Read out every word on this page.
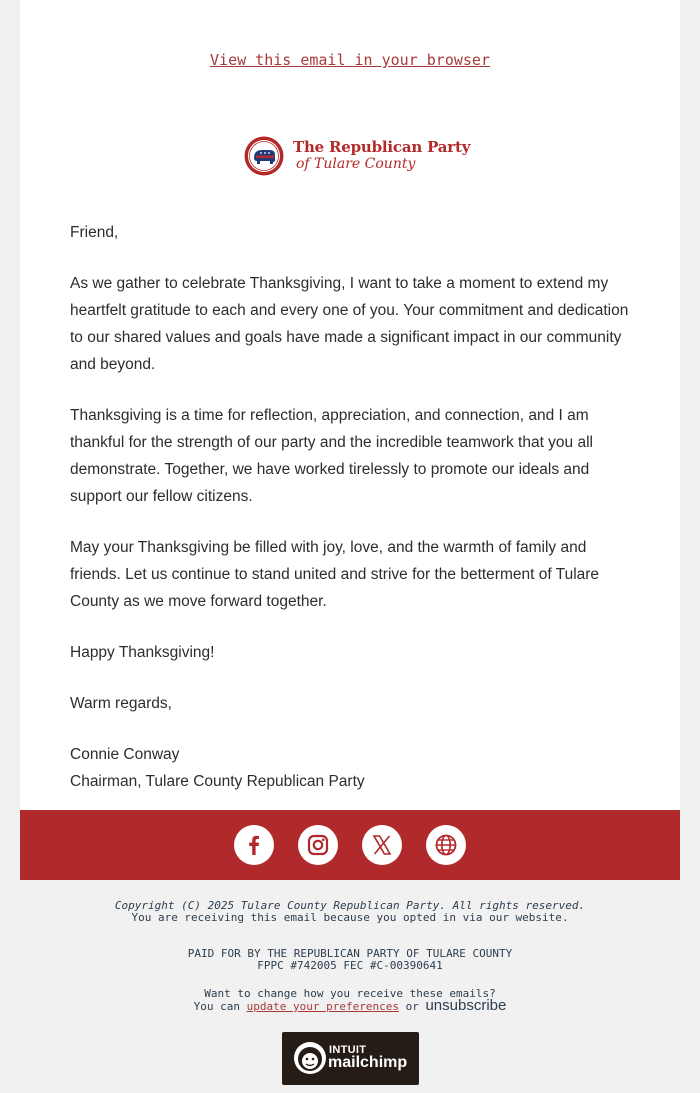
View this email in your browser
The Republican Party
of Tulare County

Friend,

As we gather to celebrate Thanksgiving, I want to take a moment to extend my heartfelt gratitude to each and every one of you. Your commitment and dedication to our shared values and goals have made a significant impact in our community and beyond.

Thanksgiving is a time for reflection, appreciation, and connection, and I am thankful for the strength of our party and the incredible teamwork that you all demonstrate. Together, we have worked tirelessly to promote our ideals and support our fellow citizens.

May your Thanksgiving be filled with joy, love, and the warmth of family and friends. Let us continue to stand united and strive for the betterment of Tulare County as we move forward together.

Happy Thanksgiving!

Warm regards,

Connie Conway

Chairman, Tulare County Republican Party

Copyright (C) 2025 Tulare County Republican Party. All rights reserved.

You are receiving this email because you opted in via our website.

PAID FOR BY THE REPUBLICAN PARTY OF TULARE COUNTY

FPPC #742005 FEC #C-00390641

Want to change how you receive these emails?

You can update your preferences or unsubscribe

INTUIT
mailchimp
